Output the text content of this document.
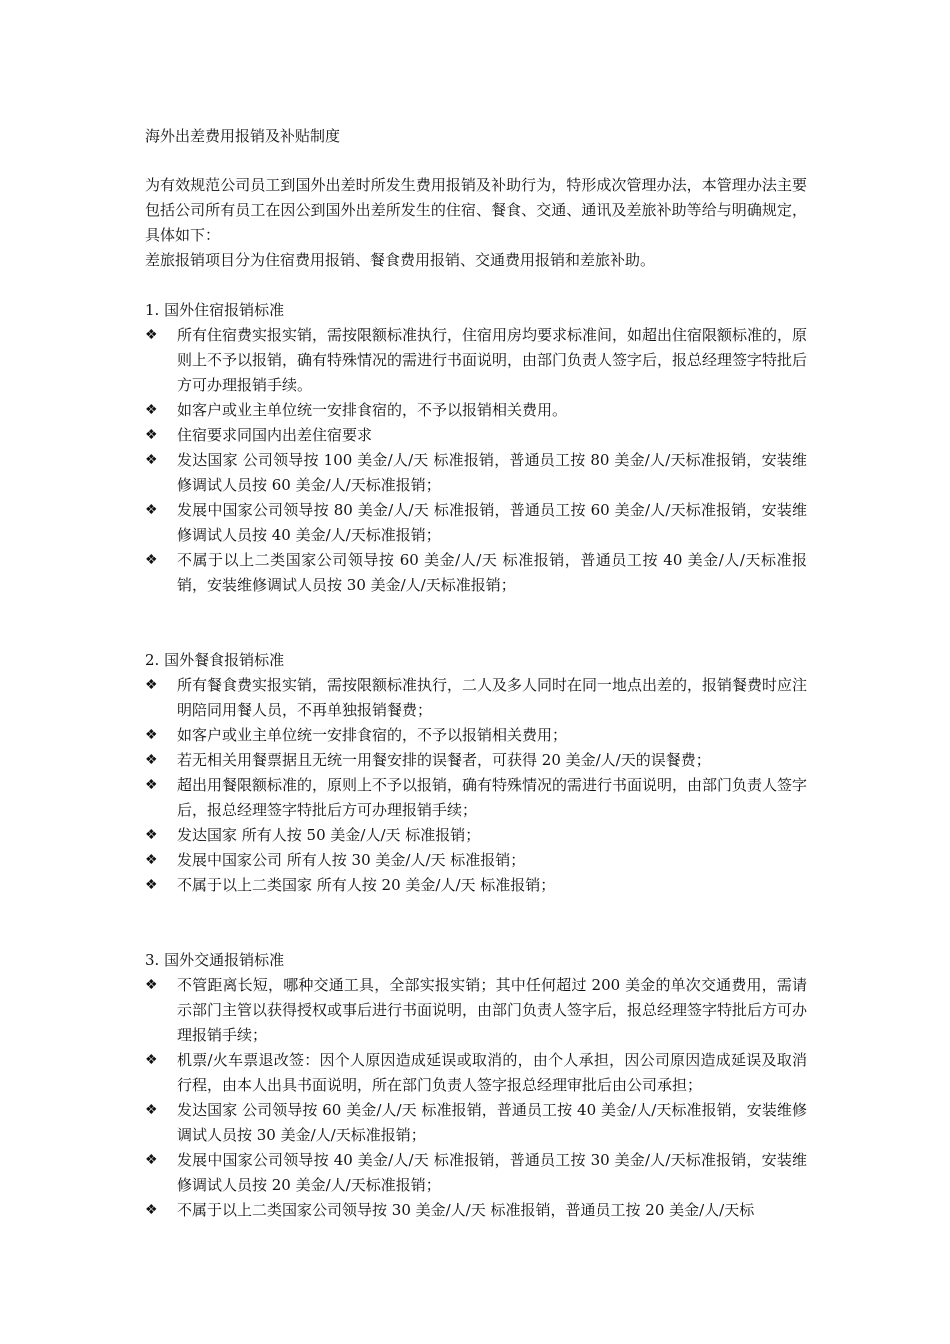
海外出差费用报销及补贴制度

为有效规范公司员工到国外出差时所发生费用报销及补助行为，特形成次管理办法，本管理办法主要包括公司所有员工在因公到国外出差所发生的住宿、餐食、交通、通讯及差旅补助等给与明确规定，具体如下：

差旅报销项目分为住宿费用报销、餐食费用报销、交通费用报销和差旅补助。

1. 国外住宿报销标准

❖ 所有住宿费实报实销，需按限额标准执行，住宿用房均要求标准间，如超出住宿限额标准的，原则上不予以报销，确有特殊情况的需进行书面说明，由部门负责人签字后，报总经理签字特批后方可办理报销手续。
❖ 如客户或业主单位统一安排食宿的，不予以报销相关费用。
❖ 住宿要求同国内出差住宿要求
❖ 发达国家 公司领导按 100 美金/人/天 标准报销，普通员工按 80 美金/人/天标准报销，安装维修调试人员按 60 美金/人/天标准报销；
❖ 发展中国家公司领导按 80 美金/人/天 标准报销，普通员工按 60 美金/人/天标准报销，安装维修调试人员按 40 美金/人/天标准报销；
❖ 不属于以上二类国家公司领导按 60 美金/人/天 标准报销，普通员工按 40 美金/人/天标准报销，安装维修调试人员按 30 美金/人/天标准报销；

2. 国外餐食报销标准

❖ 所有餐食费实报实销，需按限额标准执行，二人及多人同时在同一地点出差的，报销餐费时应注明陪同用餐人员，不再单独报销餐费；
❖ 如客户或业主单位统一安排食宿的，不予以报销相关费用；
❖ 若无相关用餐票据且无统一用餐安排的误餐者，可获得 20 美金/人/天的误餐费；
❖ 超出用餐限额标准的，原则上不予以报销，确有特殊情况的需进行书面说明，由部门负责人签字后，报总经理签字特批后方可办理报销手续；
❖ 发达国家 所有人按 50 美金/人/天 标准报销；
❖ 发展中国家公司 所有人按 30 美金/人/天 标准报销；
❖ 不属于以上二类国家 所有人按 20 美金/人/天 标准报销；

3. 国外交通报销标准

❖ 不管距离长短，哪种交通工具，全部实报实销；其中任何超过 200 美金的单次交通费用，需请示部门主管以获得授权或事后进行书面说明，由部门负责人签字后，报总经理签字特批后方可办理报销手续；
❖ 机票/火车票退改签：因个人原因造成延误或取消的，由个人承担，因公司原因造成延误及取消行程，由本人出具书面说明，所在部门负责人签字报总经理审批后由公司承担；
❖ 发达国家 公司领导按 60 美金/人/天 标准报销，普通员工按 40 美金/人/天标准报销，安装维修调试人员按 30 美金/人/天标准报销；
❖ 发展中国家公司领导按 40 美金/人/天 标准报销，普通员工按 30 美金/人/天标准报销，安装维修调试人员按 20 美金/人/天标准报销；
❖ 不属于以上二类国家公司领导按 30 美金/人/天 标准报销，普通员工按 20 美金/人/天标
